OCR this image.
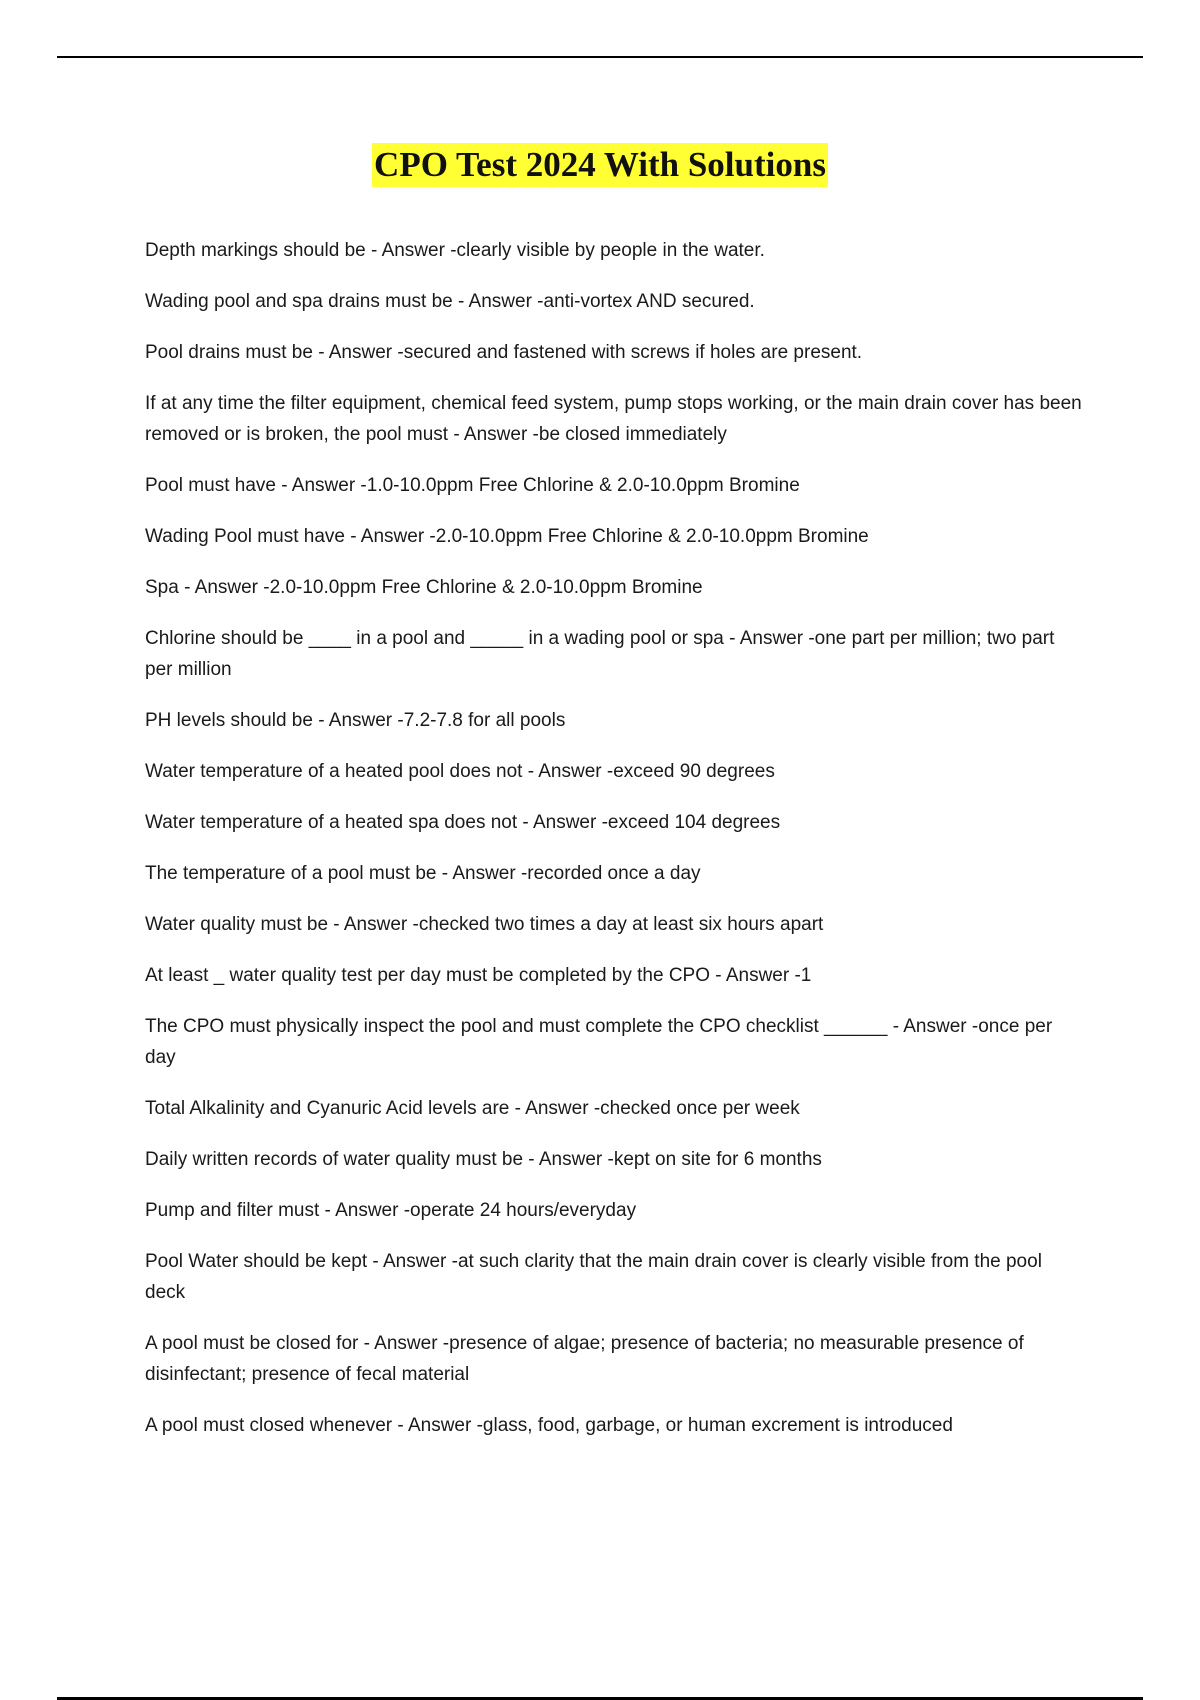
CPO Test 2024 With Solutions
Depth markings should be - Answer -clearly visible by people in the water.
Wading pool and spa drains must be - Answer -anti-vortex AND secured.
Pool drains must be - Answer -secured and fastened with screws if holes are present.
If at any time the filter equipment, chemical feed system, pump stops working, or the main drain cover has been removed or is broken, the pool must - Answer -be closed immediately
Pool must have - Answer -1.0-10.0ppm Free Chlorine & 2.0-10.0ppm Bromine
Wading Pool must have - Answer -2.0-10.0ppm Free Chlorine & 2.0-10.0ppm Bromine
Spa - Answer -2.0-10.0ppm Free Chlorine & 2.0-10.0ppm Bromine
Chlorine should be ____ in a pool and _____ in a wading pool or spa - Answer -one part per million; two part per million
PH levels should be - Answer -7.2-7.8 for all pools
Water temperature of a heated pool does not - Answer -exceed 90 degrees
Water temperature of a heated spa does not - Answer -exceed 104 degrees
The temperature of a pool must be - Answer -recorded once a day
Water quality must be - Answer -checked two times a day at least six hours apart
At least _ water quality test per day must be completed by the CPO - Answer -1
The CPO must physically inspect the pool and must complete the CPO checklist ______ - Answer -once per day
Total Alkalinity and Cyanuric Acid levels are - Answer -checked once per week
Daily written records of water quality must be - Answer -kept on site for 6 months
Pump and filter must - Answer -operate 24 hours/everyday
Pool Water should be kept - Answer -at such clarity that the main drain cover is clearly visible from the pool deck
A pool must be closed for - Answer -presence of algae; presence of bacteria; no measurable presence of disinfectant; presence of fecal material
A pool must closed whenever - Answer -glass, food, garbage, or human excrement is introduced
